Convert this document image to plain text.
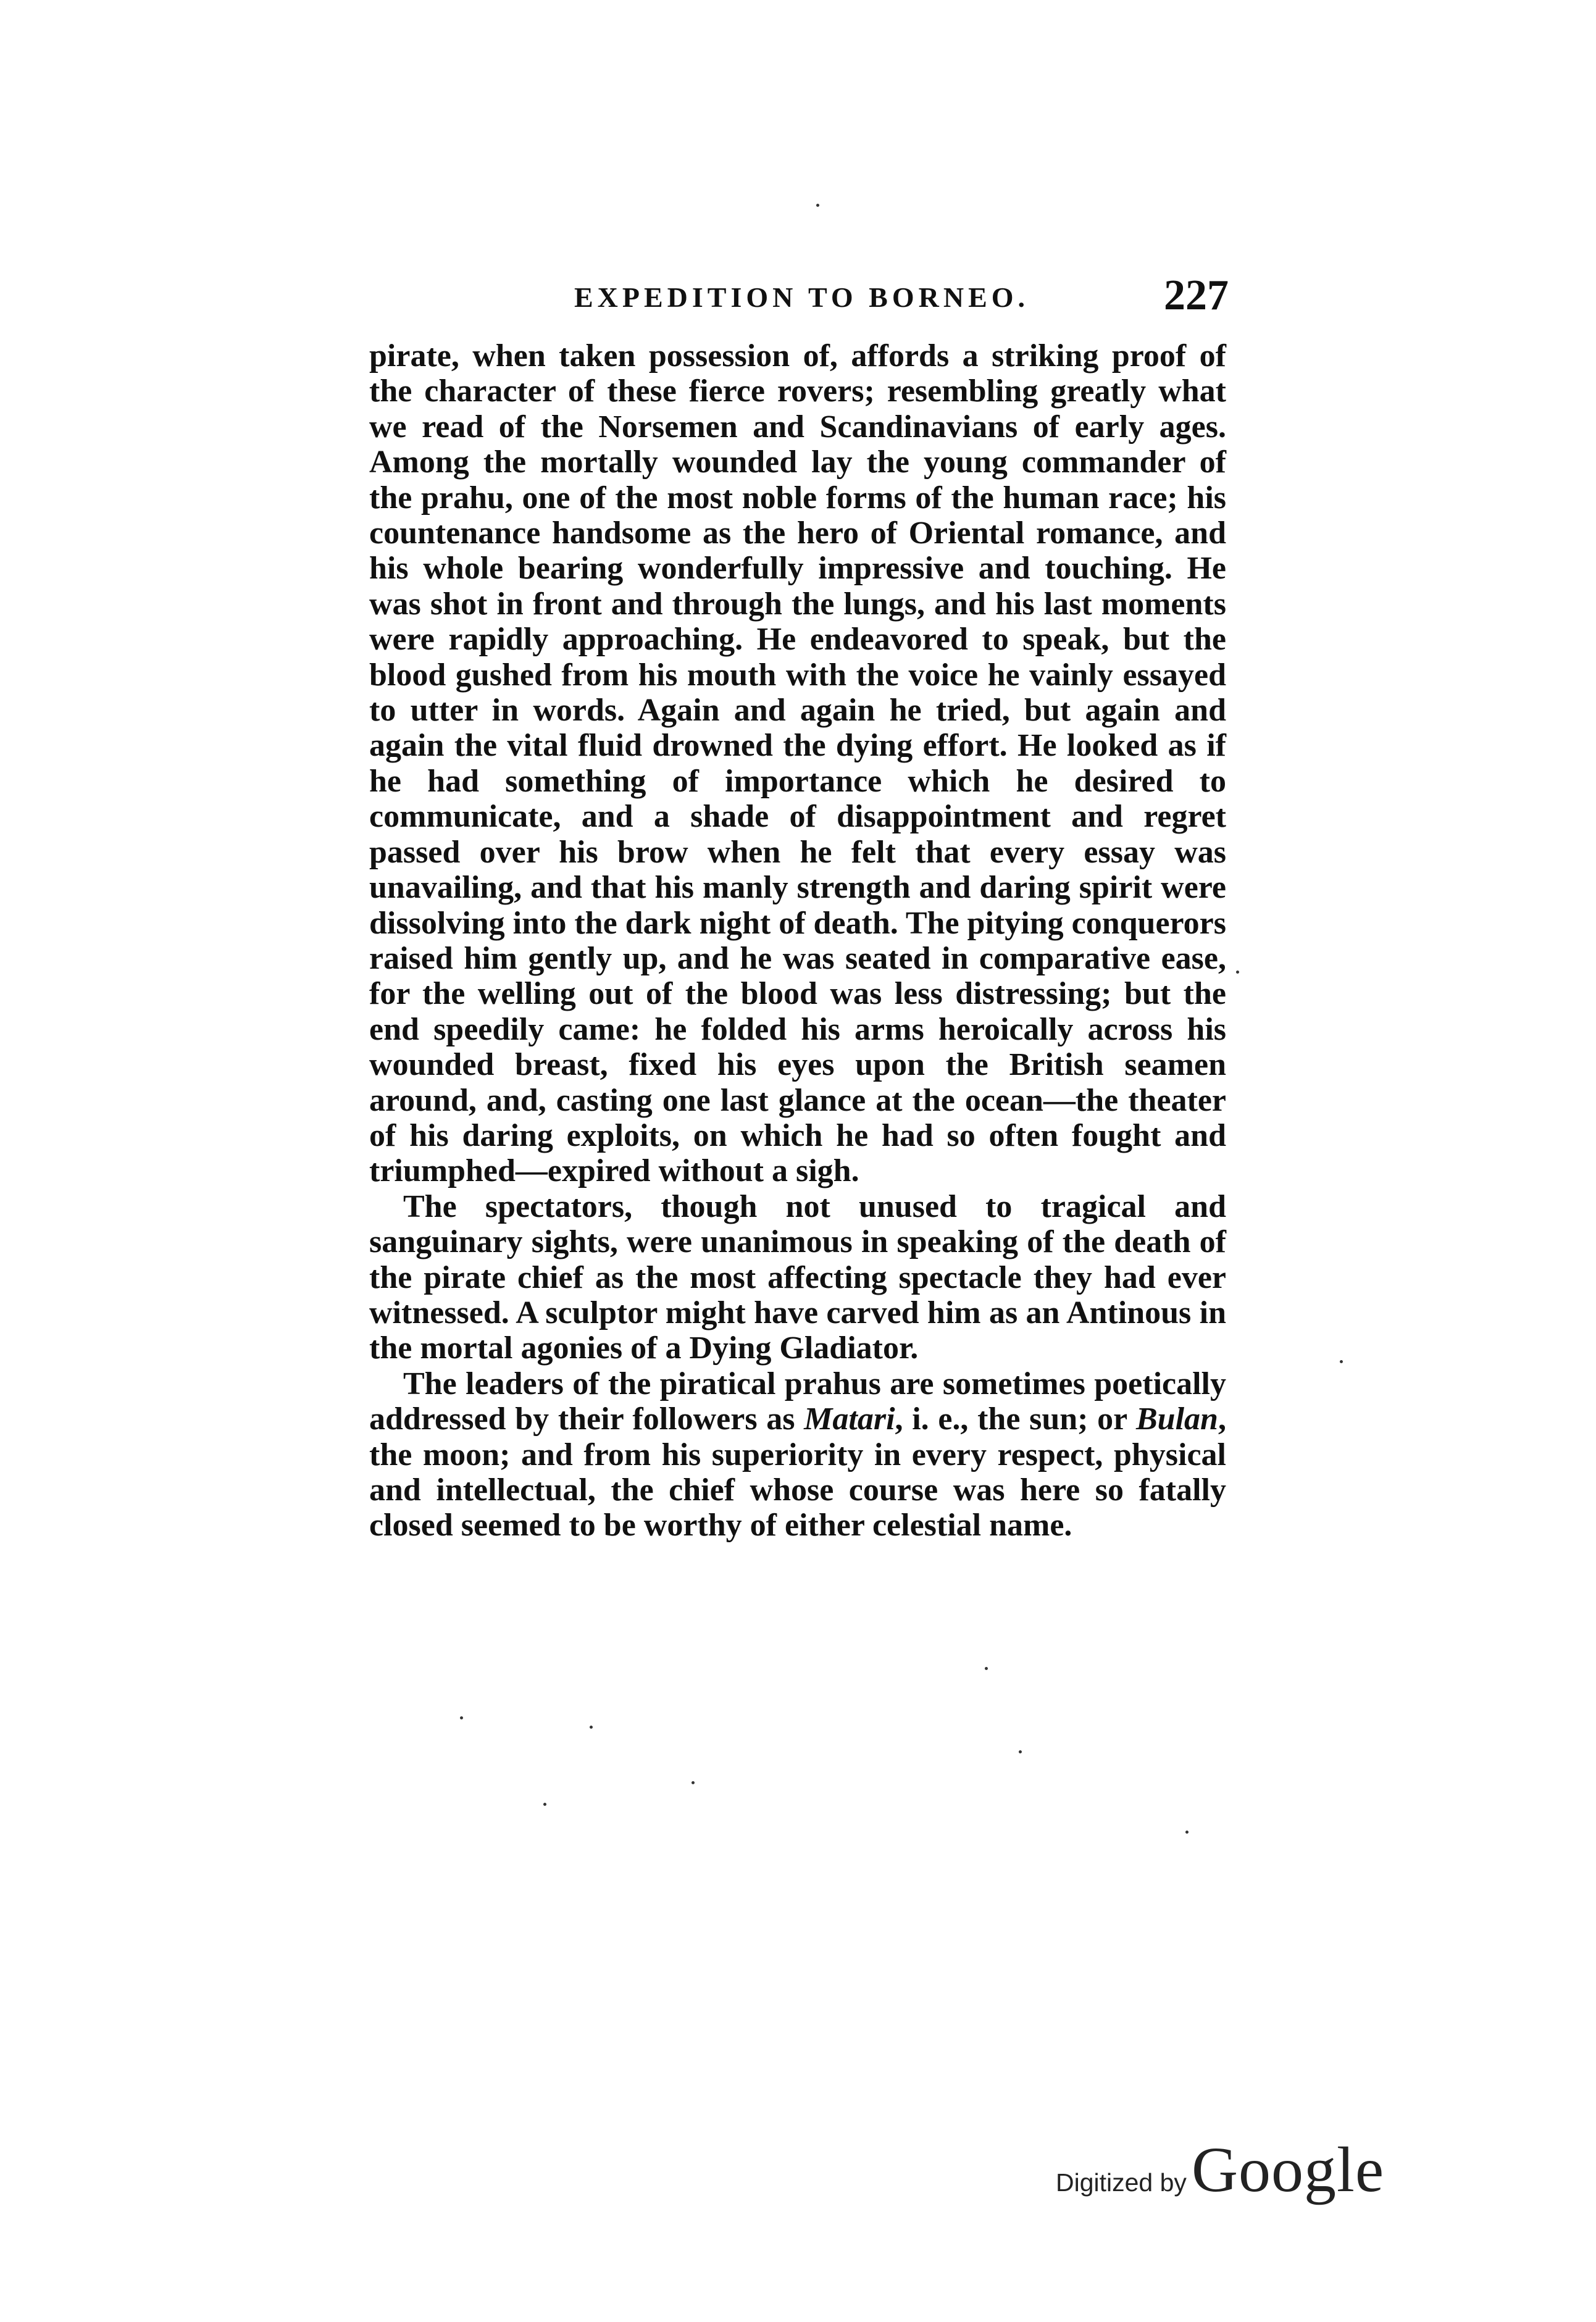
EXPEDITION TO BORNEO.	227

pirate, when taken possession of, affords a striking proof of the character of these fierce rovers; resembling greatly what we read of the Norsemen and Scandinavians of early ages. Among the mortally wounded lay the young commander of the prahu, one of the most noble forms of the human race; his countenance handsome as the hero of Oriental romance, and his whole bearing wonderfully impressive and touching. He was shot in front and through the lungs, and his last moments were rapidly approaching. He endeavored to speak, but the blood gushed from his mouth with the voice he vainly essayed to utter in words. Again and again he tried, but again and again the vital fluid drowned the dying effort. He looked as if he had something of importance which he desired to communicate, and a shade of disappointment and regret passed over his brow when he felt that every essay was unavailing, and that his manly strength and daring spirit were dissolving into the dark night of death. The pitying conquerors raised him gently up, and he was seated in comparative ease, for the welling out of the blood was less distressing; but the end speedily came: he folded his arms heroically across his wounded breast, fixed his eyes upon the British seamen around, and, casting one last glance at the ocean—the theater of his daring exploits, on which he had so often fought and triumphed—expired without a sigh.

The spectators, though not unused to tragical and sanguinary sights, were unanimous in speaking of the death of the pirate chief as the most affecting spectacle they had ever witnessed. A sculptor might have carved him as an Antinous in the mortal agonies of a Dying Gladiator.

The leaders of the piratical prahus are sometimes poetically addressed by their followers as Matari, i. e., the sun; or Bulan, the moon; and from his superiority in every respect, physical and intellectual, the chief whose course was here so fatally closed seemed to be worthy of either celestial name.

Digitized by Google
